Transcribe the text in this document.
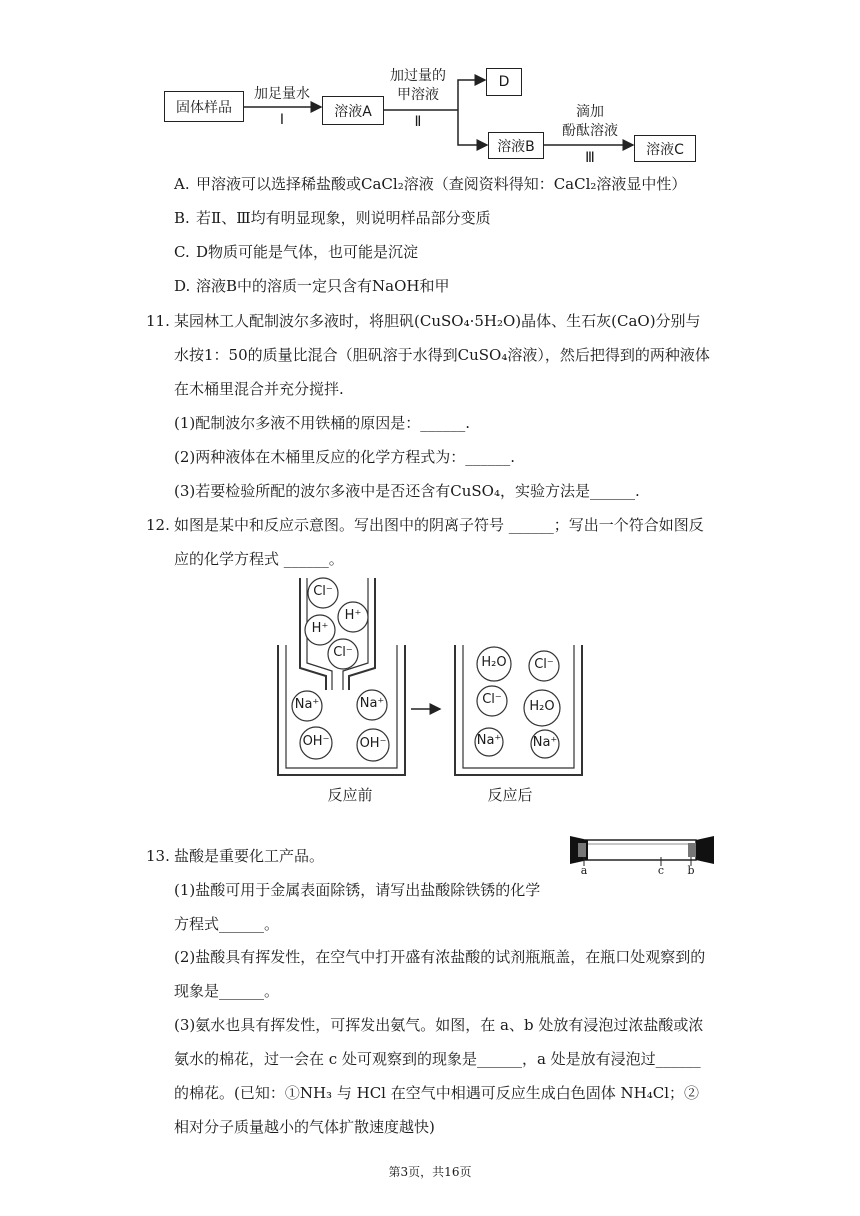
固体样品
加足量水
Ⅰ
溶液A
加过量的
甲溶液
Ⅱ
D
溶液B
滴加
酚酞溶液
Ⅲ
溶液C
A. 甲溶液可以选择稀盐酸或CaCl₂溶液（查阅资料得知：CaCl₂溶液显中性）
B. 若Ⅱ、Ⅲ均有明显现象，则说明样品部分变质
C. D物质可能是气体，也可能是沉淀
D. 溶液B中的溶质一定只含有NaOH和甲
11. 某园林工人配制波尔多液时，将胆矾(CuSO₄·5H₂O)晶体、生石灰(CaO)分别与
水按1：50的质量比混合（胆矾溶于水得到CuSO₄溶液），然后把得到的两种液体
在木桶里混合并充分搅拌.
(1)配制波尔多液不用铁桶的原因是：______.
(2)两种液体在木桶里反应的化学方程式为：______.
(3)若要检验所配的波尔多液中是否还含有CuSO₄，实验方法是______.
12. 如图是某中和反应示意图。写出图中的阴离子符号 ______；写出一个符合如图反
应的化学方程式 ______。
Cl⁻
H⁺
H⁺
Cl⁻
Na⁺	Na⁺
OH⁻	OH⁻
H₂O	Cl⁻
Cl⁻	H₂O
Na⁺	Na⁺
反应前	反应后
13. 盐酸是重要化工产品。
(1)盐酸可用于金属表面除锈，请写出盐酸除铁锈的化学
方程式______。
(2)盐酸具有挥发性，在空气中打开盛有浓盐酸的试剂瓶瓶盖，在瓶口处观察到的
现象是______。
(3)氨水也具有挥发性，可挥发出氨气。如图，在 a、b 处放有浸泡过浓盐酸或浓
氨水的棉花，过一会在 c 处可观察到的现象是______，a 处是放有浸泡过______
的棉花。(已知：①NH₃ 与 HCl 在空气中相遇可反应生成白色固体 NH₄Cl；②
相对分子质量越小的气体扩散速度越快)
a	c b
第3页，共16页
